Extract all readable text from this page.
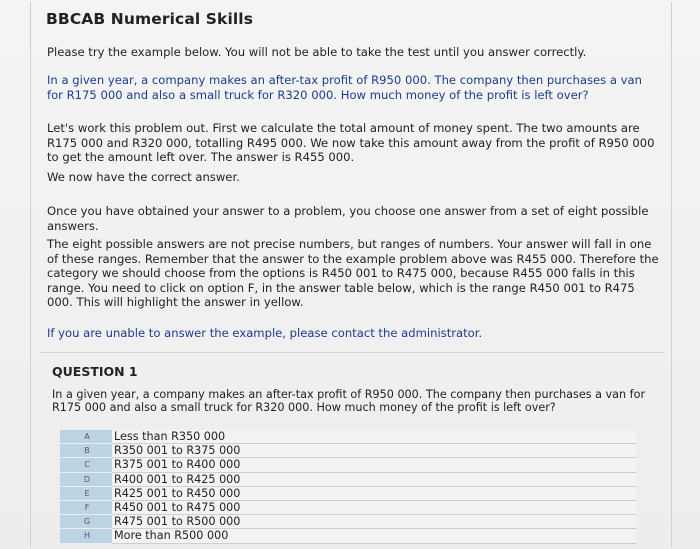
BBCAB Numerical Skills

Please try the example below. You will not be able to take the test until you answer correctly.

In a given year, a company makes an after-tax profit of R950 000. The company then purchases a van for R175 000 and also a small truck for R320 000. How much money of the profit is left over?

Let's work this problem out. First we calculate the total amount of money spent. The two amounts are R175 000 and R320 000, totalling R495 000. We now take this amount away from the profit of R950 000 to get the amount left over. The answer is R455 000.

We now have the correct answer.

Once you have obtained your answer to a problem, you choose one answer from a set of eight possible answers.

The eight possible answers are not precise numbers, but ranges of numbers. Your answer will fall in one of these ranges. Remember that the answer to the example problem above was R455 000. Therefore the category we should choose from the options is R450 001 to R475 000, because R455 000 falls in this range. You need to click on option F, in the answer table below, which is the range R450 001 to R475 000. This will highlight the answer in yellow.

If you are unable to answer the example, please contact the administrator.

QUESTION 1

In a given year, a company makes an after-tax profit of R950 000. The company then purchases a van for R175 000 and also a small truck for R320 000. How much money of the profit is left over?

A	Less than R350 000
B	R350 001 to R375 000
C	R375 001 to R400 000
D	R400 001 to R425 000
E	R425 001 to R450 000
F	R450 001 to R475 000
G	R475 001 to R500 000
H	More than R500 000
